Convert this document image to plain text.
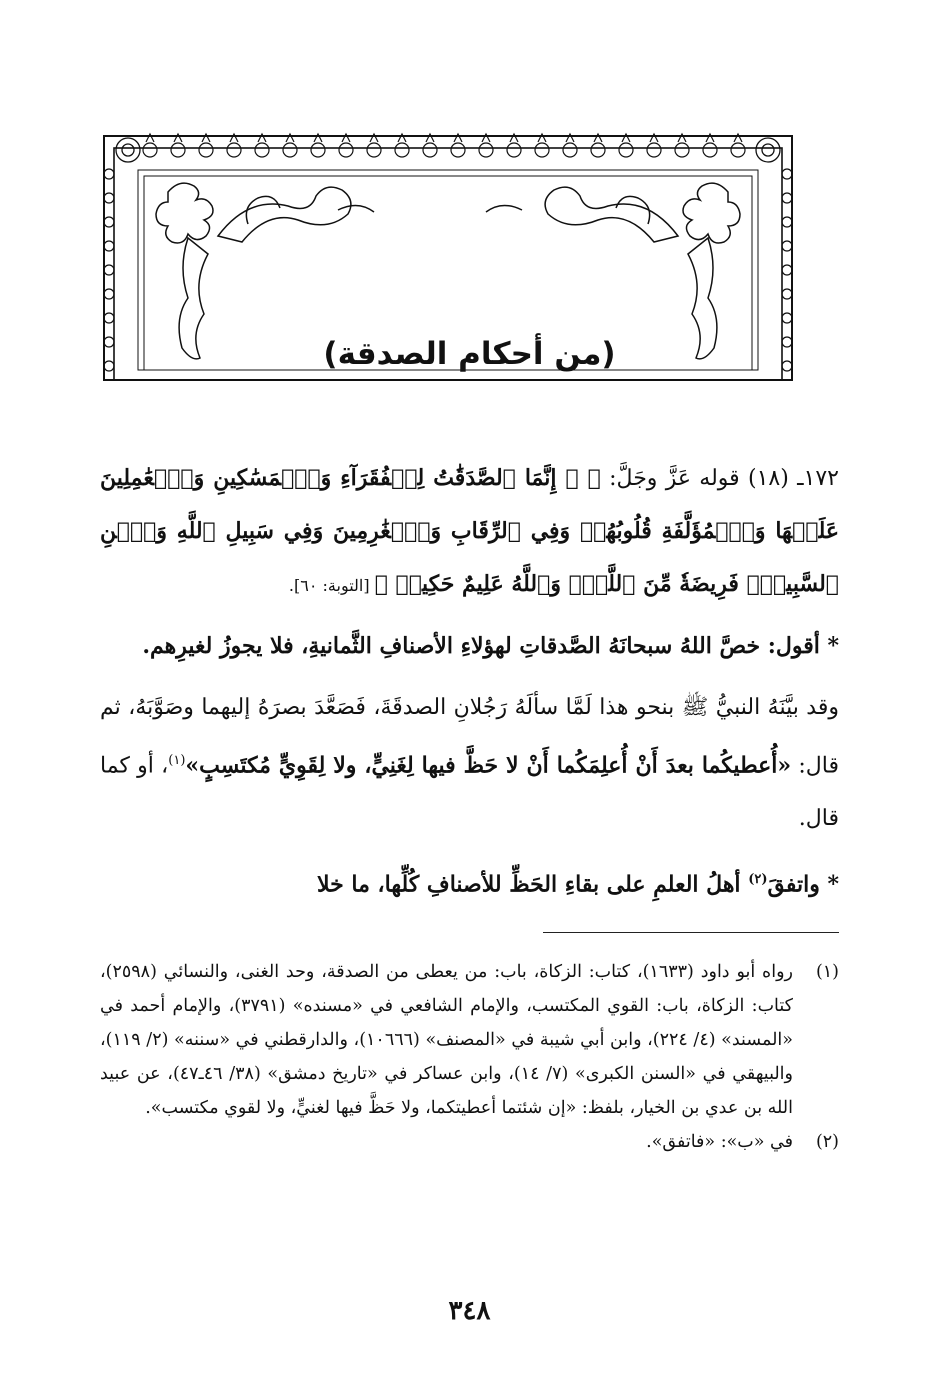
(من أحكام الصدقة)

١٧٢ـ (١٨) قوله عَزَّ وجَلَّ: ﴿ ۞ إِنَّمَا ٱلصَّدَقَٰتُ لِلۡفُقَرَآءِ وَٱلۡمَسَٰكِينِ وَٱلۡعَٰمِلِينَ عَلَيۡهَا وَٱلۡمُؤَلَّفَةِ قُلُوبُهُمۡ وَفِي ٱلرِّقَابِ وَٱلۡغَٰرِمِينَ وَفِي سَبِيلِ ٱللَّهِ وَٱبۡنِ ٱلسَّبِيلِۖ فَرِيضَةٗ مِّنَ ٱللَّهِۗ وَٱللَّهُ عَلِيمٌ حَكِيمٞ ﴾ [التوبة: ٦٠].

* أقول: خصَّ اللهُ سبحانَهُ الصَّدقاتِ لهؤلاءِ الأصنافِ الثَّمانيةِ، فلا يجوزُ لغيرِهم.

وقد بيَّنَهُ النبيُّ ﷺ بنحو هذا لَمَّا سألَهُ رَجُلانِ الصدقَةَ، فَصَعَّدَ بصرَهُ إليهما وصَوَّبَهُ، ثم قال: «أُعطيكُما بعدَ أَنْ أُعلِمَكُما أَنْ لا حَظَّ فيها لِغَنِيٍّ، ولا لِقَوِيٍّ مُكتَسِبٍ»$^{(١)}$، أو كما قال.

* واتفقَ$^{(٢)}$ أهلُ العلمِ على بقاءِ الحَظِّ للأصنافِ كُلِّها، ما خلا

(١)
رواه أبو داود (١٦٣٣)، كتاب: الزكاة، باب: من يعطى من الصدقة، وحد الغنى، والنسائي (٢٥٩٨)، كتاب: الزكاة، باب: القوي المكتسب، والإمام الشافعي في «مسنده» (٣٧٩١)، والإمام أحمد في «المسند» (٤/ ٢٢٤)، وابن أبي شيبة في «المصنف» (١٠٦٦٦)، والدارقطني في «سننه» (٢/ ١١٩)، والبيهقي في «السنن الكبرى» (٧/ ١٤)، وابن عساكر في «تاريخ دمشق» (٣٨/ ٤٦ـ٤٧)، عن عبيد الله بن عدي بن الخيار، بلفظ: «إن شئتما أعطيتكما، ولا حَظَّ فيها لغنيٍّ، ولا لقوي مكتسب».
(٢)
في «ب»: «فاتفق».
٣٤٨
